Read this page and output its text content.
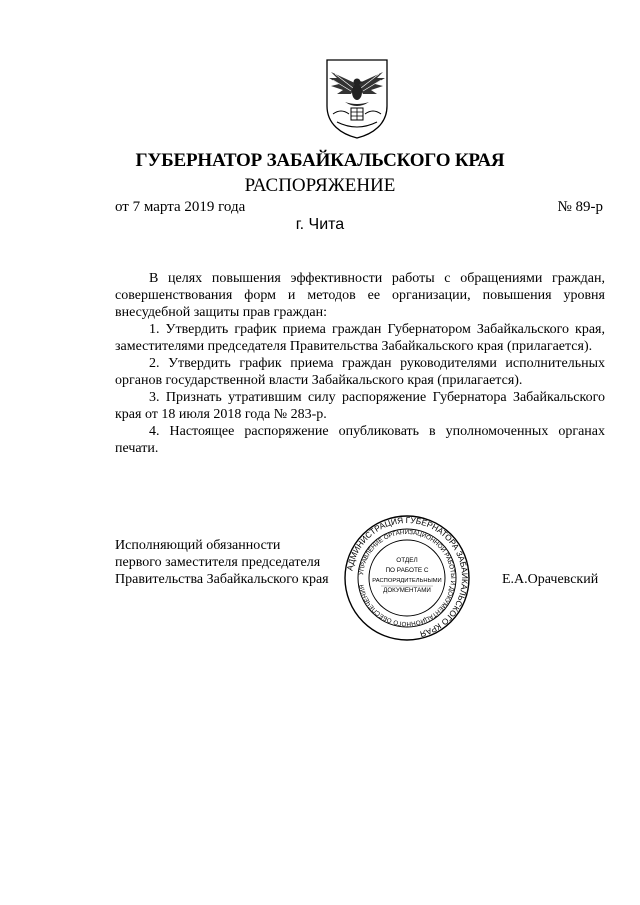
ГУБЕРНАТОР ЗАБАЙКАЛЬСКОГО КРАЯ
РАСПОРЯЖЕНИЕ
от 7 марта 2019 года	№ 89-р
г. Чита

В целях повышения эффективности работы с обращениями граждан, совершенствования форм и методов ее организации, повышения уровня внесудебной защиты прав граждан:

1. Утвердить график приема граждан Губернатором Забайкальского края, заместителями председателя Правительства Забайкальского края (прилагается).

2. Утвердить график приема граждан руководителями исполнительных органов государственной власти Забайкальского края (прилагается).

3. Признать утратившим силу распоряжение Губернатора Забайкальского края от 18 июля 2018 года № 283-р.

4. Настоящее распоряжение опубликовать в уполномоченных органах печати.

Исполняющий обязанности
первого заместителя председателя
Правительства Забайкальского края	Е.А.Орачевский
АДМИНИСТРАЦИЯ ГУБЕРНАТОРА ЗАБАЙКАЛЬСКОГО КРАЯ
УПРАВЛЕНИЕ ОРГАНИЗАЦИОННОЙ РАБОТЫ И ДОКУМЕНТАЦИОННОГО ОБЕСПЕЧЕНИЯ
ОТДЕЛ
ПО РАБОТЕ С
РАСПОРЯДИТЕЛЬНЫМИ
ДОКУМЕНТАМИ
